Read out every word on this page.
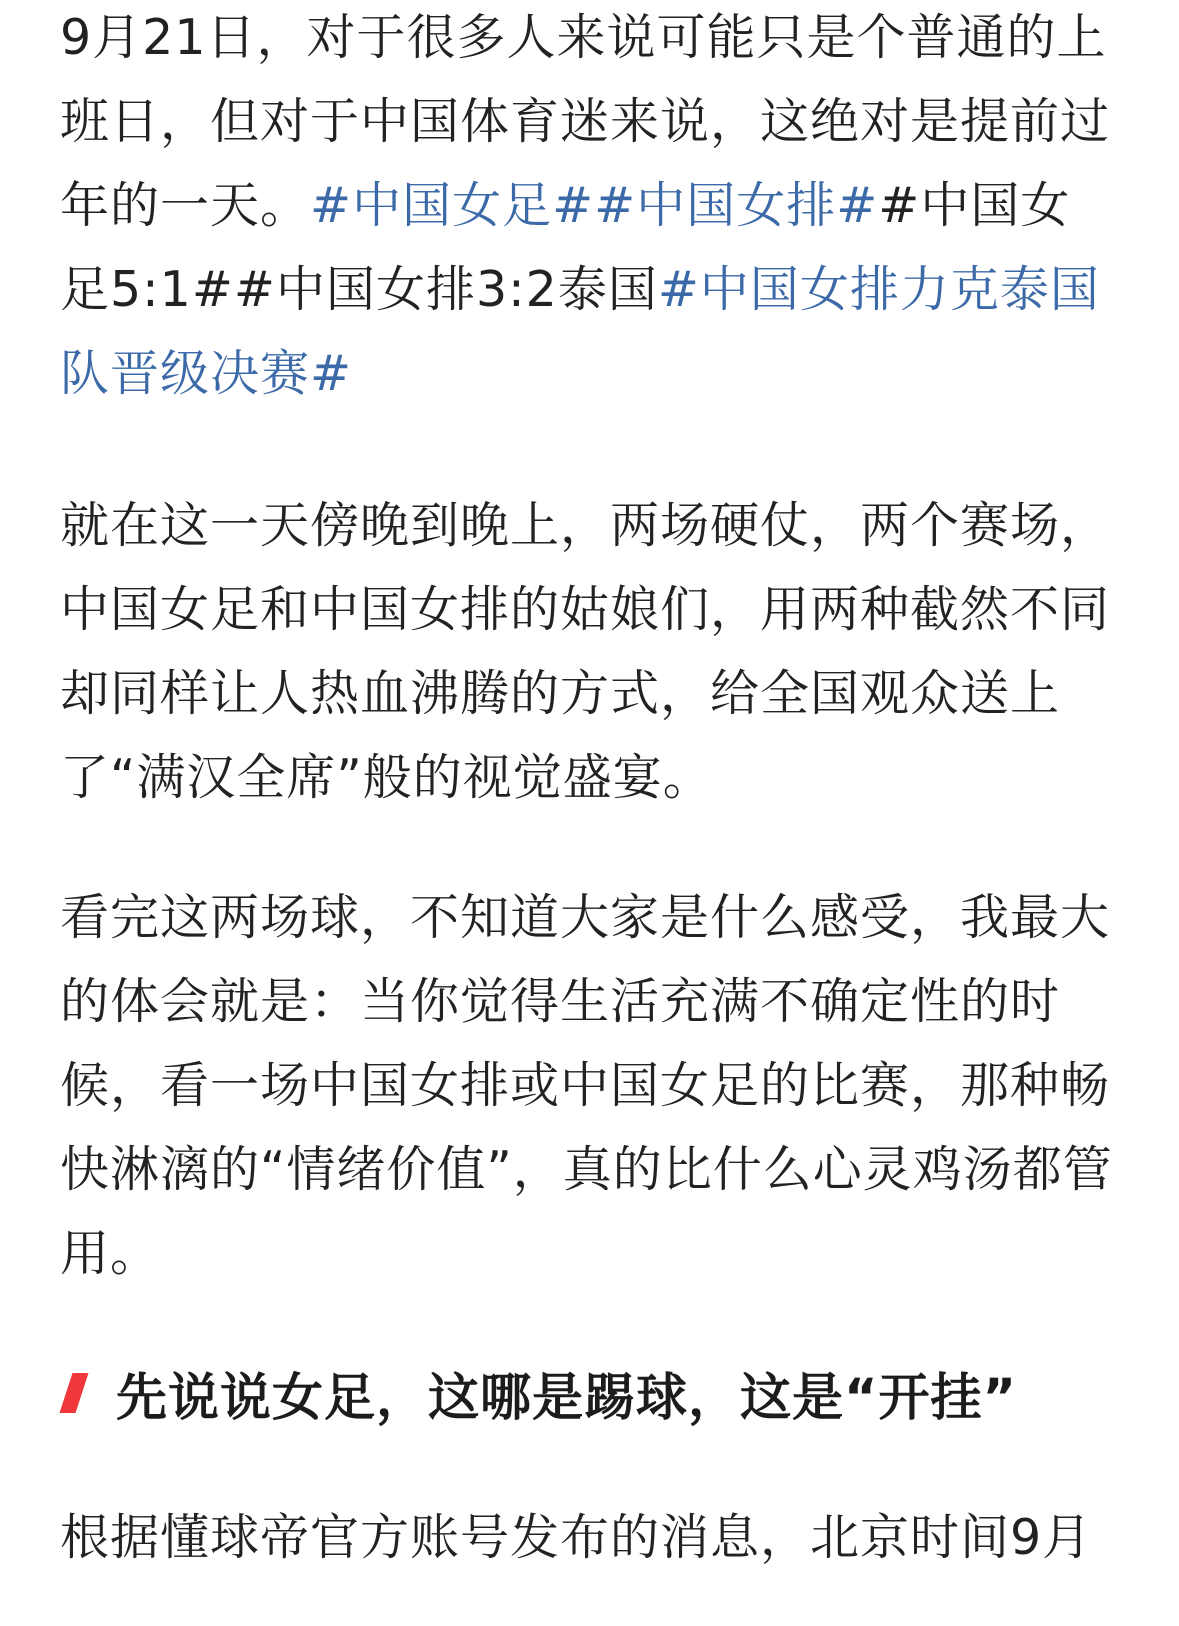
9月21日，对于很多人来说可能只是个普通的上班日，但对于中国体育迷来说，这绝对是提前过年的一天。#中国女足##中国女排##中国女足5:1##中国女排3:2泰国#中国女排力克泰国队晋级决赛#

就在这一天傍晚到晚上，两场硬仗，两个赛场，中国女足和中国女排的姑娘们，用两种截然不同却同样让人热血沸腾的方式，给全国观众送上了“满汉全席”般的视觉盛宴。

看完这两场球，不知道大家是什么感受，我最大的体会就是：当你觉得生活充满不确定性的时候，看一场中国女排或中国女足的比赛，那种畅快淋漓的“情绪价值”，真的比什么心灵鸡汤都管用。

先说说女足，这哪是踢球，这是“开挂”
根据懂球帝官方账号发布的消息，北京时间9月
